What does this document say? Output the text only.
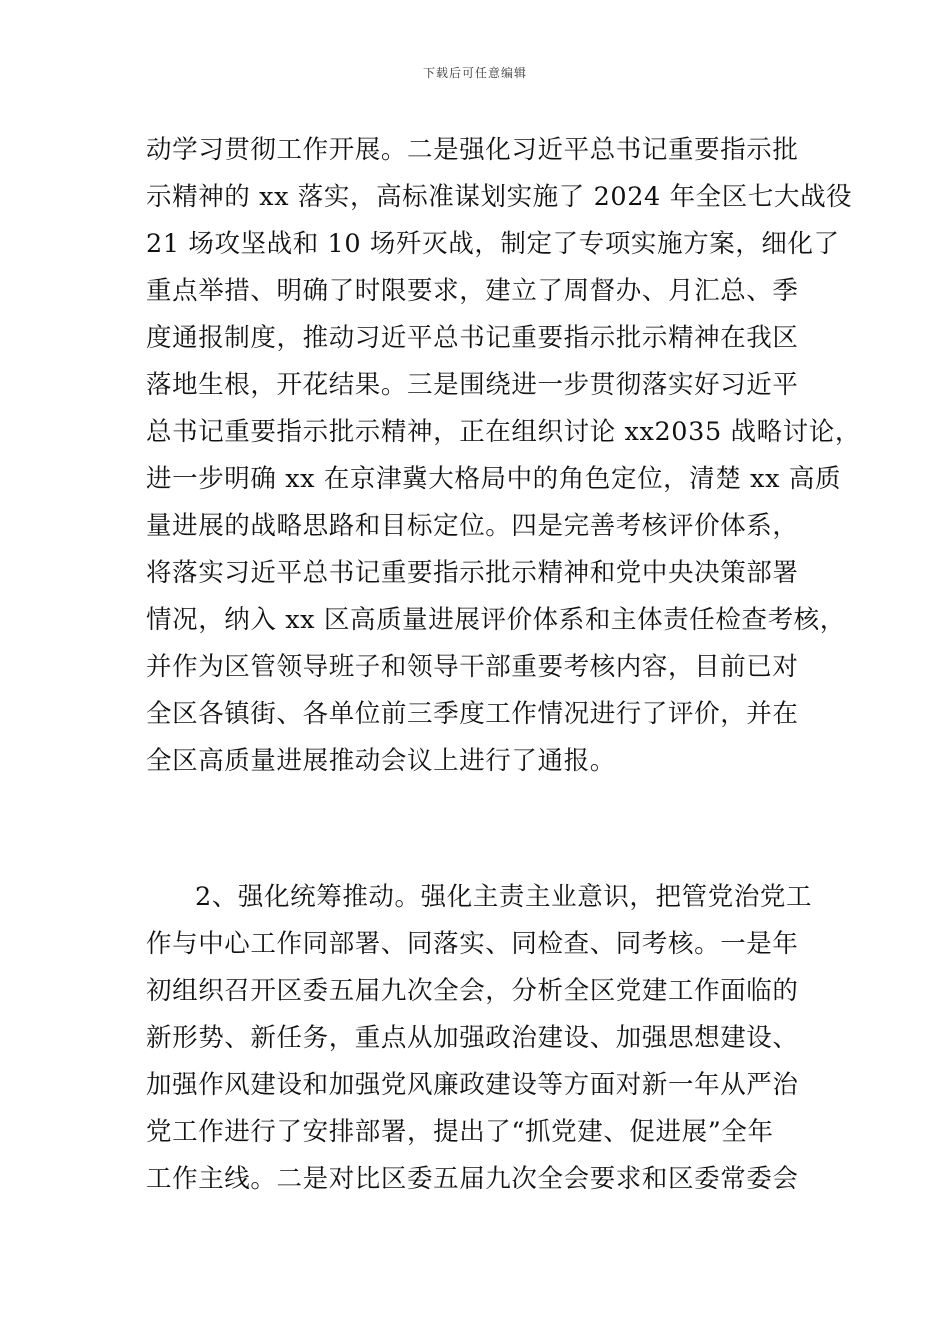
下载后可任意编辑
动学习贯彻工作开展。二是强化习近平总书记重要指示批
示精神的 xx 落实，高标准谋划实施了 2024 年全区七大战役
21 场攻坚战和 10 场歼灭战，制定了专项实施方案，细化了
重点举措、明确了时限要求，建立了周督办、月汇总、季
度通报制度，推动习近平总书记重要指示批示精神在我区
落地生根，开花结果。三是围绕进一步贯彻落实好习近平
总书记重要指示批示精神，正在组织讨论 xx2035 战略讨论，
进一步明确 xx 在京津冀大格局中的角色定位，清楚 xx 高质
量进展的战略思路和目标定位。四是完善考核评价体系，
将落实习近平总书记重要指示批示精神和党中央决策部署
情况，纳入 xx 区高质量进展评价体系和主体责任检查考核，
并作为区管领导班子和领导干部重要考核内容，目前已对
全区各镇街、各单位前三季度工作情况进行了评价，并在
全区高质量进展推动会议上进行了通报。
2、强化统筹推动。强化主责主业意识，把管党治党工
作与中心工作同部署、同落实、同检查、同考核。一是年
初组织召开区委五届九次全会，分析全区党建工作面临的
新形势、新任务，重点从加强政治建设、加强思想建设、
加强作风建设和加强党风廉政建设等方面对新一年从严治
党工作进行了安排部署，提出了“抓党建、促进展”全年
工作主线。二是对比区委五届九次全会要求和区委常委会
